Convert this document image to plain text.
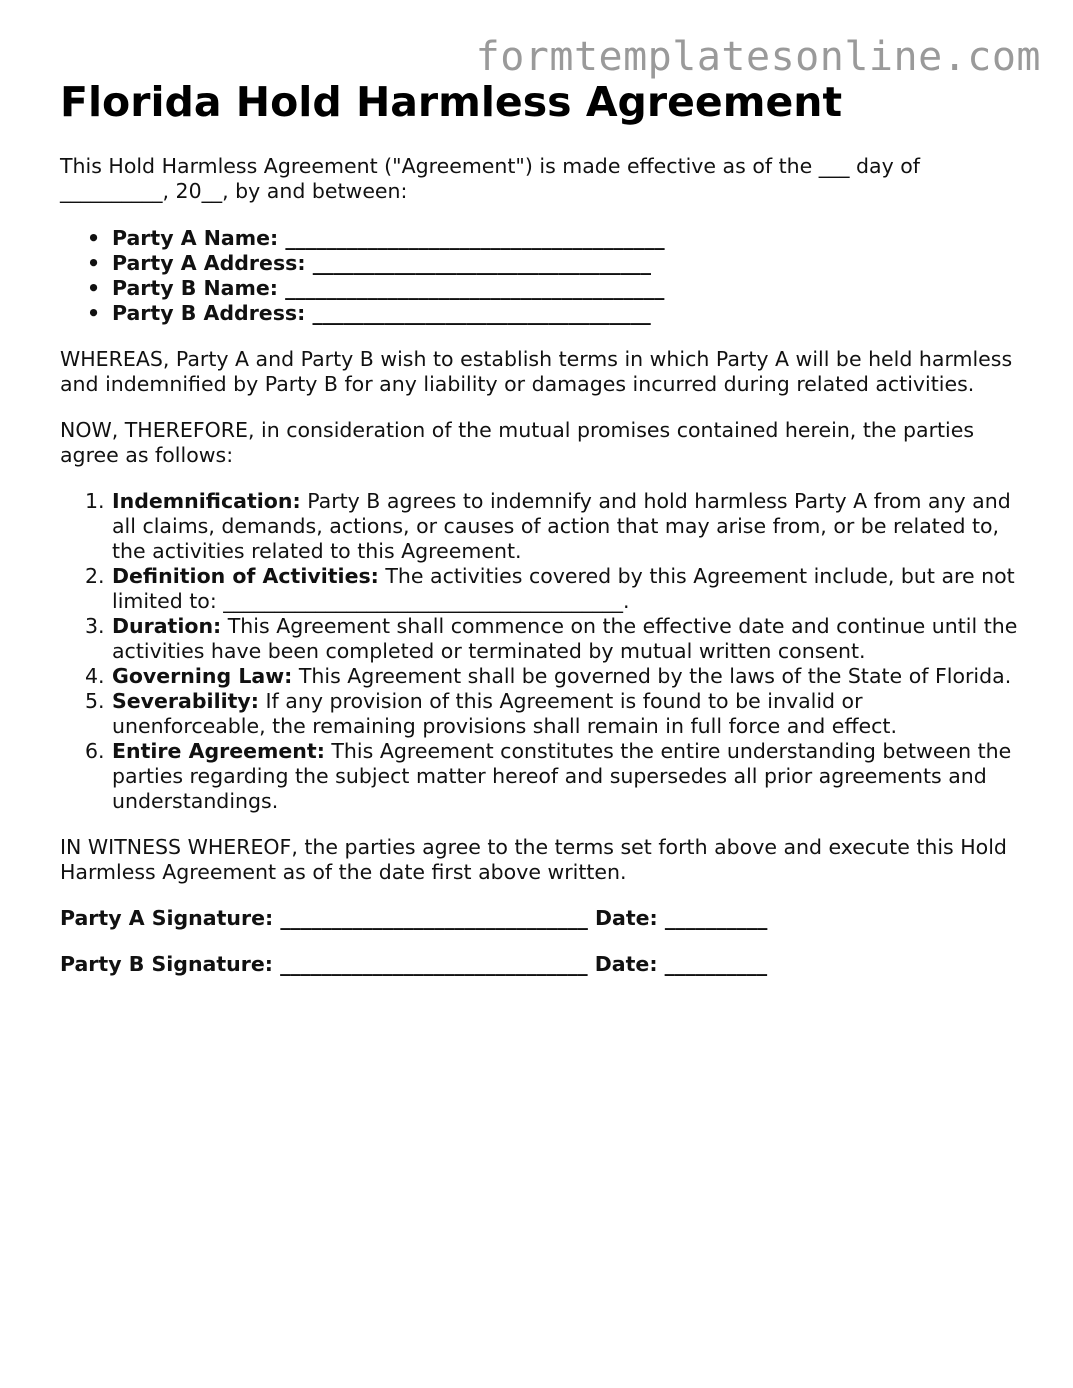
formtemplatesonline.com
Florida Hold Harmless Agreement

This Hold Harmless Agreement ("Agreement") is made effective as of the ___ day of __________, 20__, by and between:

• Party A Name: _____________________________________
• Party A Address: _________________________________
• Party B Name: _____________________________________
• Party B Address: _________________________________

WHEREAS, Party A and Party B wish to establish terms in which Party A will be held harmless and indemnified by Party B for any liability or damages incurred during related activities.

NOW, THEREFORE, in consideration of the mutual promises contained herein, the parties agree as follows:

1. Indemnification: Party B agrees to indemnify and hold harmless Party A from any and all claims, demands, actions, or causes of action that may arise from, or be related to, the activities related to this Agreement.
2. Definition of Activities: The activities covered by this Agreement include, but are not limited to: _______________________________________.
3. Duration: This Agreement shall commence on the effective date and continue until the activities have been completed or terminated by mutual written consent.
4. Governing Law: This Agreement shall be governed by the laws of the State of Florida.
5. Severability: If any provision of this Agreement is found to be invalid or unenforceable, the remaining provisions shall remain in full force and effect.
6. Entire Agreement: This Agreement constitutes the entire understanding between the parties regarding the subject matter hereof and supersedes all prior agreements and understandings.

IN WITNESS WHEREOF, the parties agree to the terms set forth above and execute this Hold Harmless Agreement as of the date first above written.

Party A Signature: ______________________________ Date: __________

Party B Signature: ______________________________ Date: __________
